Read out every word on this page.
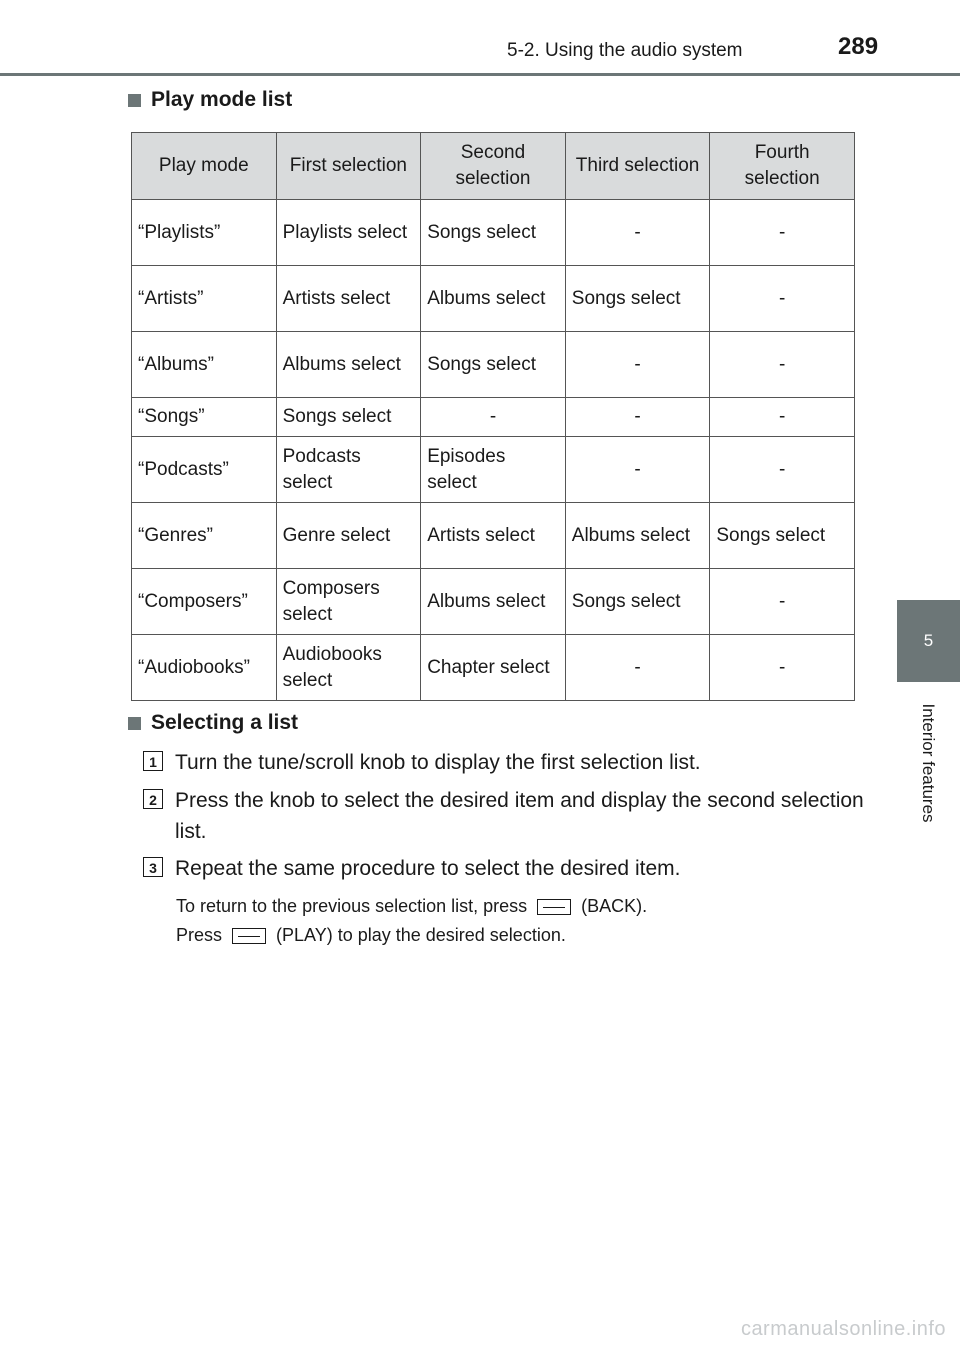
5-2. Using the audio system	289
5
Interior features
Play mode list
Play mode	First selection	Second selection	Third selection	Fourth selection
“Playlists”	Playlists select	Songs select	-	-
“Artists”	Artists select	Albums select	Songs select	-
“Albums”	Albums select	Songs select	-	-
“Songs”	Songs select	-	-	-
“Podcasts”	Podcasts select	Episodes select	-	-
“Genres”	Genre select	Artists select	Albums select	Songs select
“Composers”	Composers select	Albums select	Songs select	-
“Audiobooks”	Audiobooks select	Chapter select	-	-
Selecting a list
1 Turn the tune/scroll knob to display the first selection list.
2 Press the knob to select the desired item and display the second selection list.
3 Repeat the same procedure to select the desired item.
To return to the previous selection list, press	(BACK).
Press	(PLAY) to play the desired selection.
carmanualsonline.info
